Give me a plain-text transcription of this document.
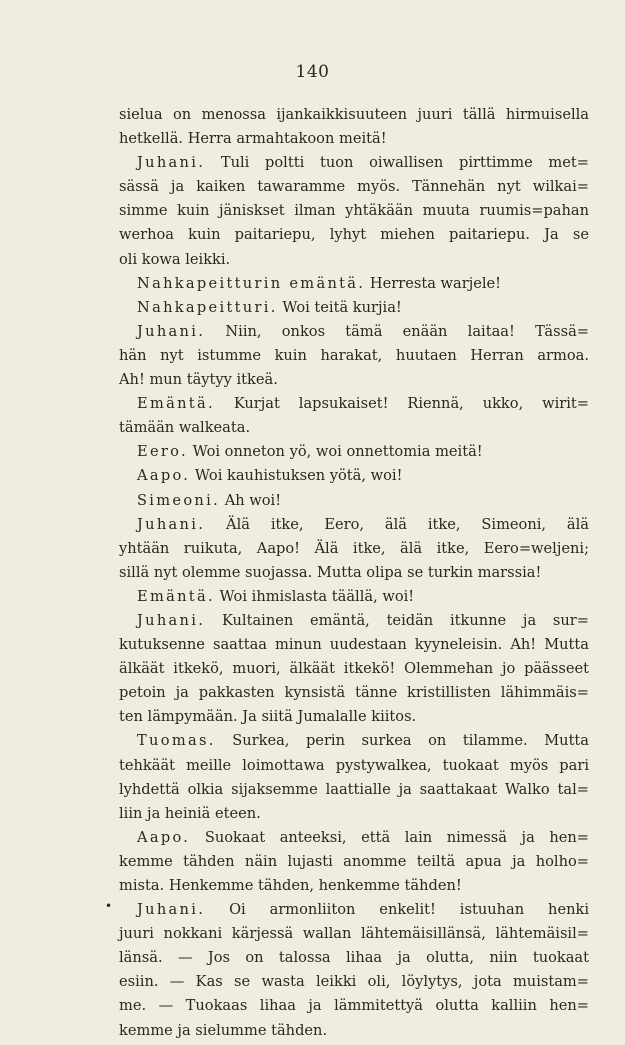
140
•
sielua on menossa ijankaikkisuuteen juuri tällä hirmuisella
hetkellä. Herra armahtakoon meitä!
Juhani. Tuli poltti tuon oiwallisen pirttimme met=
sässä ja kaiken tawaramme myös. Tännehän nyt wilkai=
simme kuin jäniskset ilman yhtäkään muuta ruumis=pahan
werhoa kuin paitariepu, lyhyt miehen paitariepu. Ja se
oli kowa leikki.
Nahkapeitturin emäntä. Herresta warjele!
Nahkapeitturi. Woi teitä kurjia!
Juhani. Niin, onkos tämä enään laitaa! Tässä=
hän nyt istumme kuin harakat, huutaen Herran armoa.
Ah! mun täytyy itkeä.
Emäntä. Kurjat lapsukaiset! Riennä, ukko, wirit=
tämään walkeata.
Eero. Woi onneton yö, woi onnettomia meitä!
Aapo. Woi kauhistuksen yötä, woi!
Simeoni. Ah woi!
Juhani. Älä itke, Eero, älä itke, Simeoni, älä
yhtään ruikuta, Aapo! Älä itke, älä itke, Eero=weljeni;
sillä nyt olemme suojassa. Mutta olipa se turkin marssia!
Emäntä. Woi ihmislasta täällä, woi!
Juhani. Kultainen emäntä, teidän itkunne ja sur=
kutuksenne saattaa minun uudestaan kyyneleisin. Ah! Mutta
älkäät itkekö, muori, älkäät itkekö! Olemmehan jo päässeet
petoin ja pakkasten kynsistä tänne kristillisten lähimmäis=
ten lämpymään. Ja siitä Jumalalle kiitos.
Tuomas. Surkea, perin surkea on tilamme. Mutta
tehkäät meille loimottawa pystywalkea, tuokaat myös pari
lyhdettä olkia sijaksemme laattialle ja saattakaat Walko tal=
liin ja heiniä eteen.
Aapo. Suokaat anteeksi, että lain nimessä ja hen=
kemme tähden näin lujasti anomme teiltä apua ja holho=
mista. Henkemme tähden, henkemme tähden!
Juhani. Oi armonliiton enkelit! istuuhan henki
juuri nokkani kärjessä wallan lähtemäisillänsä, lähtemäisil=
länsä. — Jos on talossa lihaa ja olutta, niin tuokaat
esiin. — Kas se wasta leikki oli, löylytys, jota muistam=
me. — Tuokaas lihaa ja lämmitettyä olutta kalliin hen=
kemme ja sielumme tähden.
